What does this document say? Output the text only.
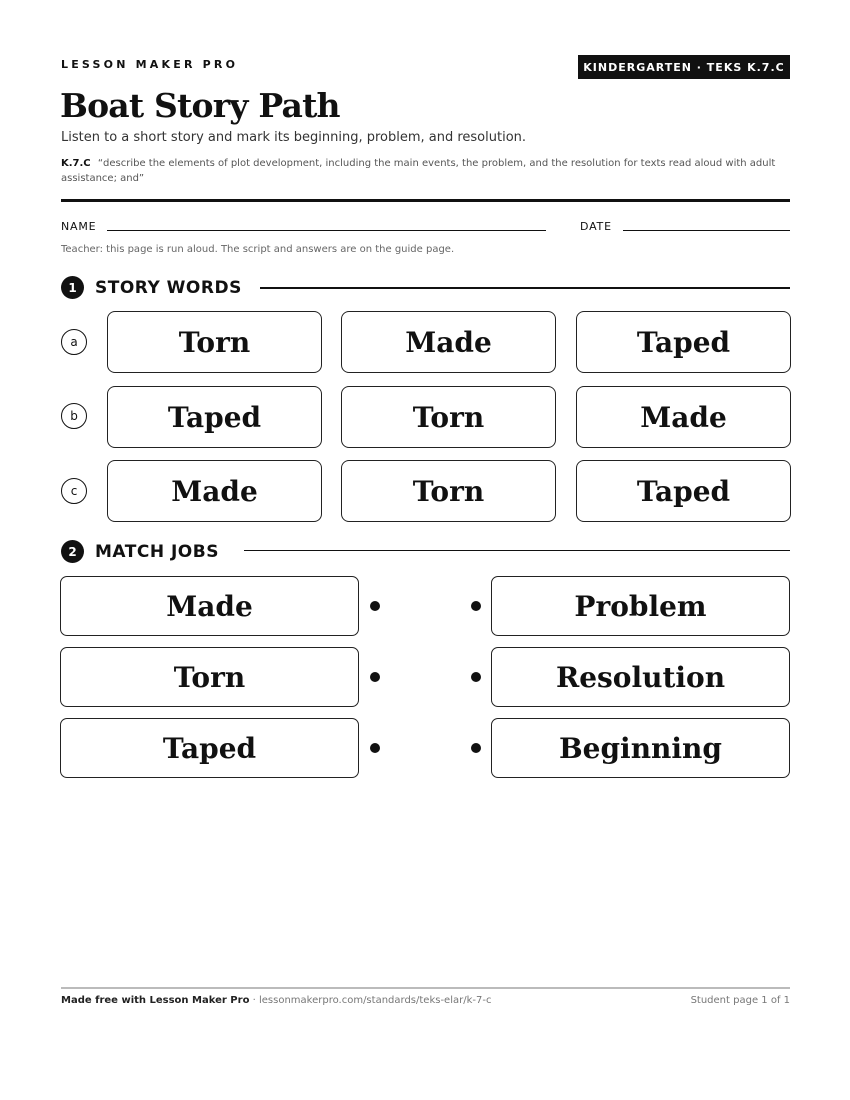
LESSON MAKER PRO	KINDERGARTEN · TEKS K.7.C
Boat Story Path
Listen to a short story and mark its beginning, problem, and resolution.
K.7.C “describe the elements of plot development, including the main events, the problem, and the resolution for texts read aloud with adult assistance; and”
NAME	DATE
Teacher: this page is run aloud. The script and answers are on the guide page.
1	STORY WORDS
a	Torn	Made	Taped
b	Taped	Torn	Made
c	Made	Torn	Taped
2	MATCH JOBS
Made	Problem
Torn	Resolution
Taped	Beginning
Made free with Lesson Maker Pro · lessonmakerpro.com/standards/teks-elar/k-7-c	Student page 1 of 1
